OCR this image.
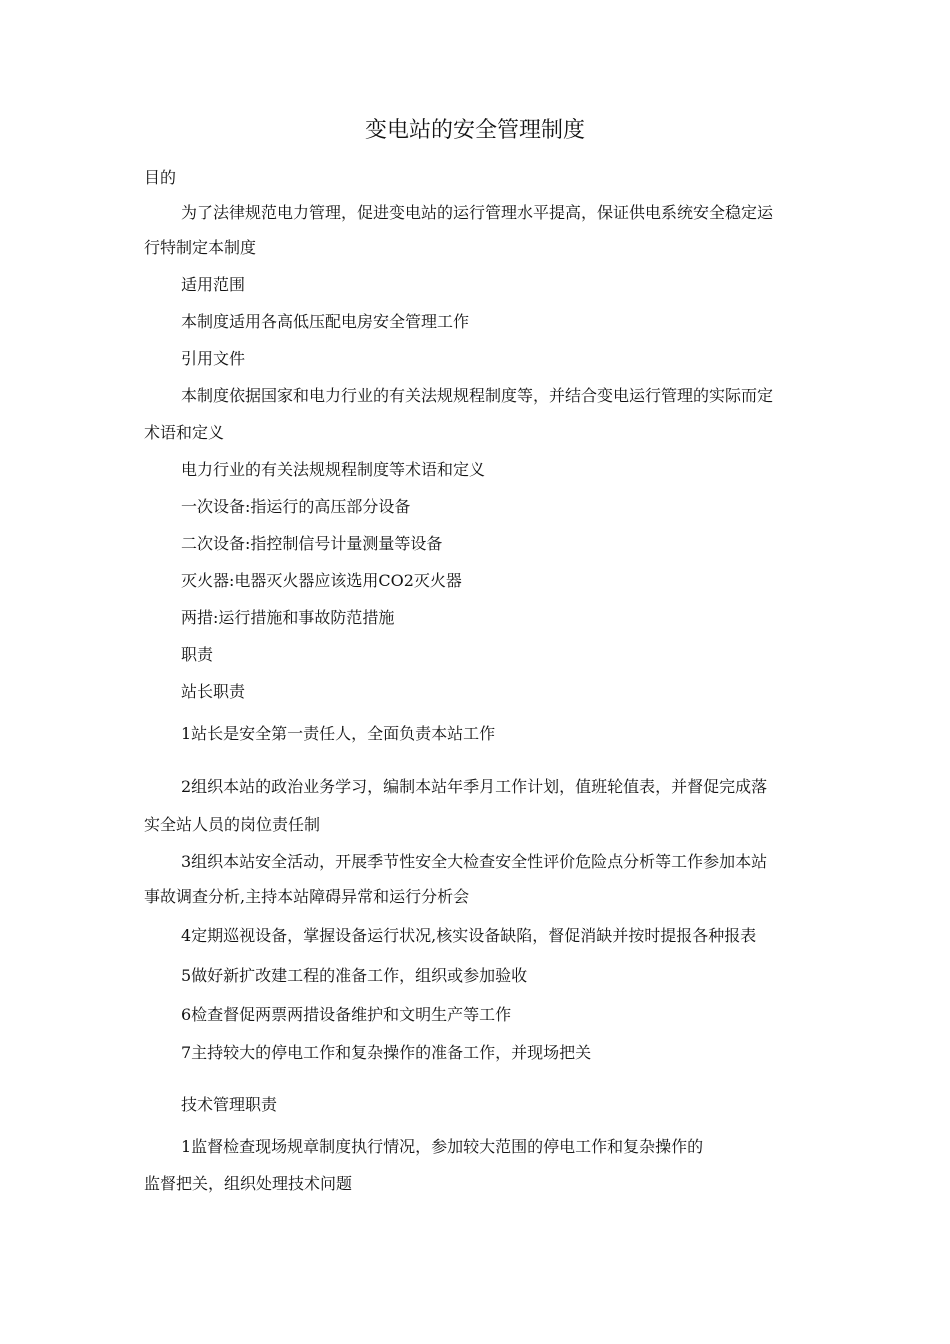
变电站的安全管理制度
目的
为了法律规范电力管理，促进变电站的运行管理水平提高，保证供电系统安全稳定运
行特制定本制度
适用范围
本制度适用各高低压配电房安全管理工作
引用文件
本制度依据国家和电力行业的有关法规规程制度等，并结合变电运行管理的实际而定
术语和定义
电力行业的有关法规规程制度等术语和定义
一次设备:指运行的高压部分设备
二次设备:指控制信号计量测量等设备
灭火器:电器灭火器应该选用CO2灭火器
两措:运行措施和事故防范措施
职责
站长职责
1站长是安全第一责任人，全面负责本站工作
2组织本站的政治业务学习，编制本站年季月工作计划，值班轮值表，并督促完成落
实全站人员的岗位责任制
3组织本站安全活动，开展季节性安全大检查安全性评价危险点分析等工作参加本站
事故调查分析,主持本站障碍异常和运行分析会
4定期巡视设备，掌握设备运行状况,核实设备缺陷，督促消缺并按时提报各种报表
5做好新扩改建工程的准备工作，组织或参加验收
6检查督促两票两措设备维护和文明生产等工作
7主持较大的停电工作和复杂操作的准备工作，并现场把关
技术管理职责
1监督检查现场规章制度执行情况，参加较大范围的停电工作和复杂操作的
监督把关，组织处理技术问题
